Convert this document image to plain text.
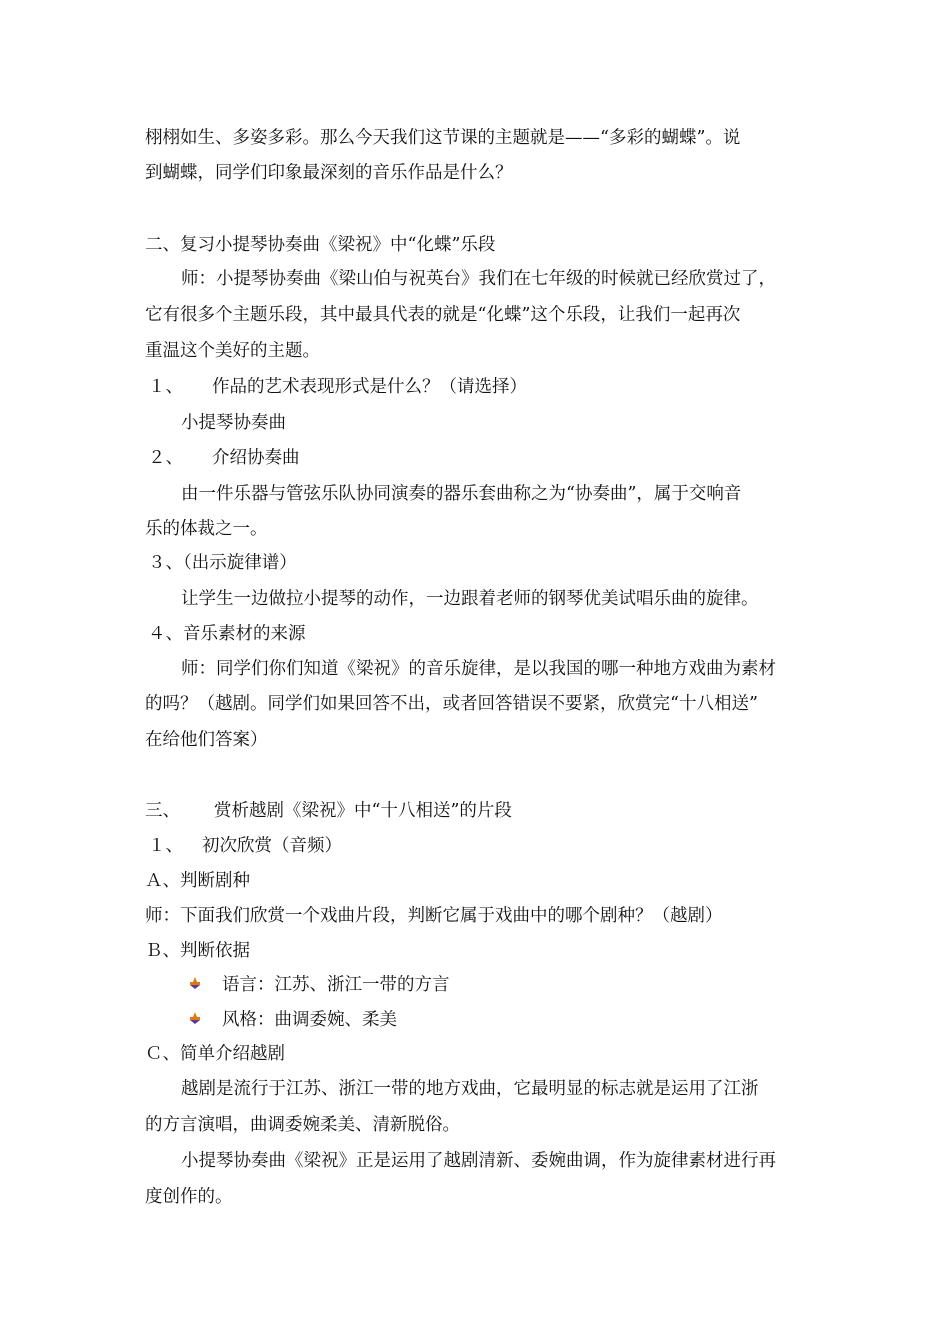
栩栩如生、多姿多彩。那么今天我们这节课的主题就是——“多彩的蝴蝶”。说
到蝴蝶，同学们印象最深刻的音乐作品是什么？
二、复习小提琴协奏曲《梁祝》中“化蝶”乐段
师：小提琴协奏曲《梁山伯与祝英台》我们在七年级的时候就已经欣赏过了，
它有很多个主题乐段，其中最具代表的就是“化蝶”这个乐段，让我们一起再次
重温这个美好的主题。
１、 作品的艺术表现形式是什么？（请选择）
小提琴协奏曲
２、 介绍协奏曲
由一件乐器与管弦乐队协同演奏的器乐套曲称之为“协奏曲”，属于交响音
乐的体裁之一。
３、（出示旋律谱）
让学生一边做拉小提琴的动作，一边跟着老师的钢琴优美试唱乐曲的旋律。
４、音乐素材的来源
师：同学们你们知道《梁祝》的音乐旋律，是以我国的哪一种地方戏曲为素材
的吗？（越剧。同学们如果回答不出，或者回答错误不要紧，欣赏完“十八相送”
在给他们答案）
三、 赏析越剧《梁祝》中“十八相送”的片段
１、 初次欣赏（音频）
Ａ、判断剧种
师：下面我们欣赏一个戏曲片段，判断它属于戏曲中的哪个剧种？（越剧）
Ｂ、判断依据
语言：江苏、浙江一带的方言
风格：曲调委婉、柔美
Ｃ、简单介绍越剧
越剧是流行于江苏、浙江一带的地方戏曲，它最明显的标志就是运用了江浙
的方言演唱，曲调委婉柔美、清新脱俗。
小提琴协奏曲《梁祝》正是运用了越剧清新、委婉曲调，作为旋律素材进行再
度创作的。
